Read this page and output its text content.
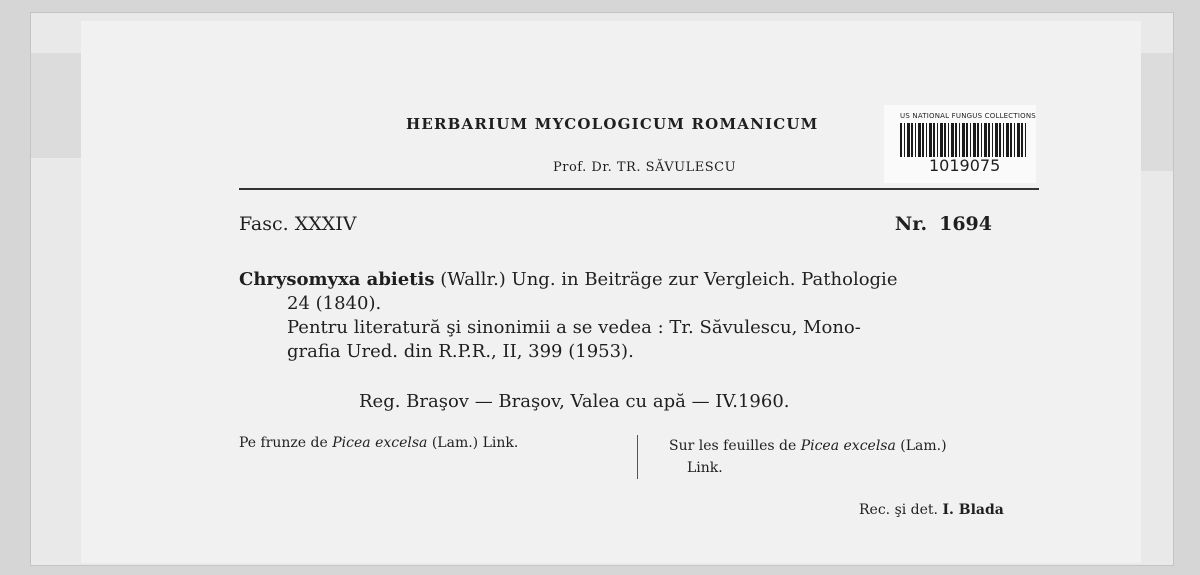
HERBARIUM MYCOLOGICUM ROMANICUM
Prof. Dr. TR. SĂVULESCU
US NATIONAL FUNGUS COLLECTIONS
1019075
Fasc. XXXIV	Nr. 1694
Chrysomyxa abietis (Wallr.) Ung. in Beiträge zur Vergleich. Pathologie
24 (1840).
Pentru literatură şi sinonimii a se vedea : Tr. Săvulescu, Mono-
grafia Ured. din R.P.R., II, 399 (1953).
Reg. Braşov — Braşov, Valea cu apă — IV.1960.
Pe frunze de Picea excelsa (Lam.) Link.	Sur les feuilles de Picea excelsa (Lam.)
Link.
Rec. şi det. I. Blada
